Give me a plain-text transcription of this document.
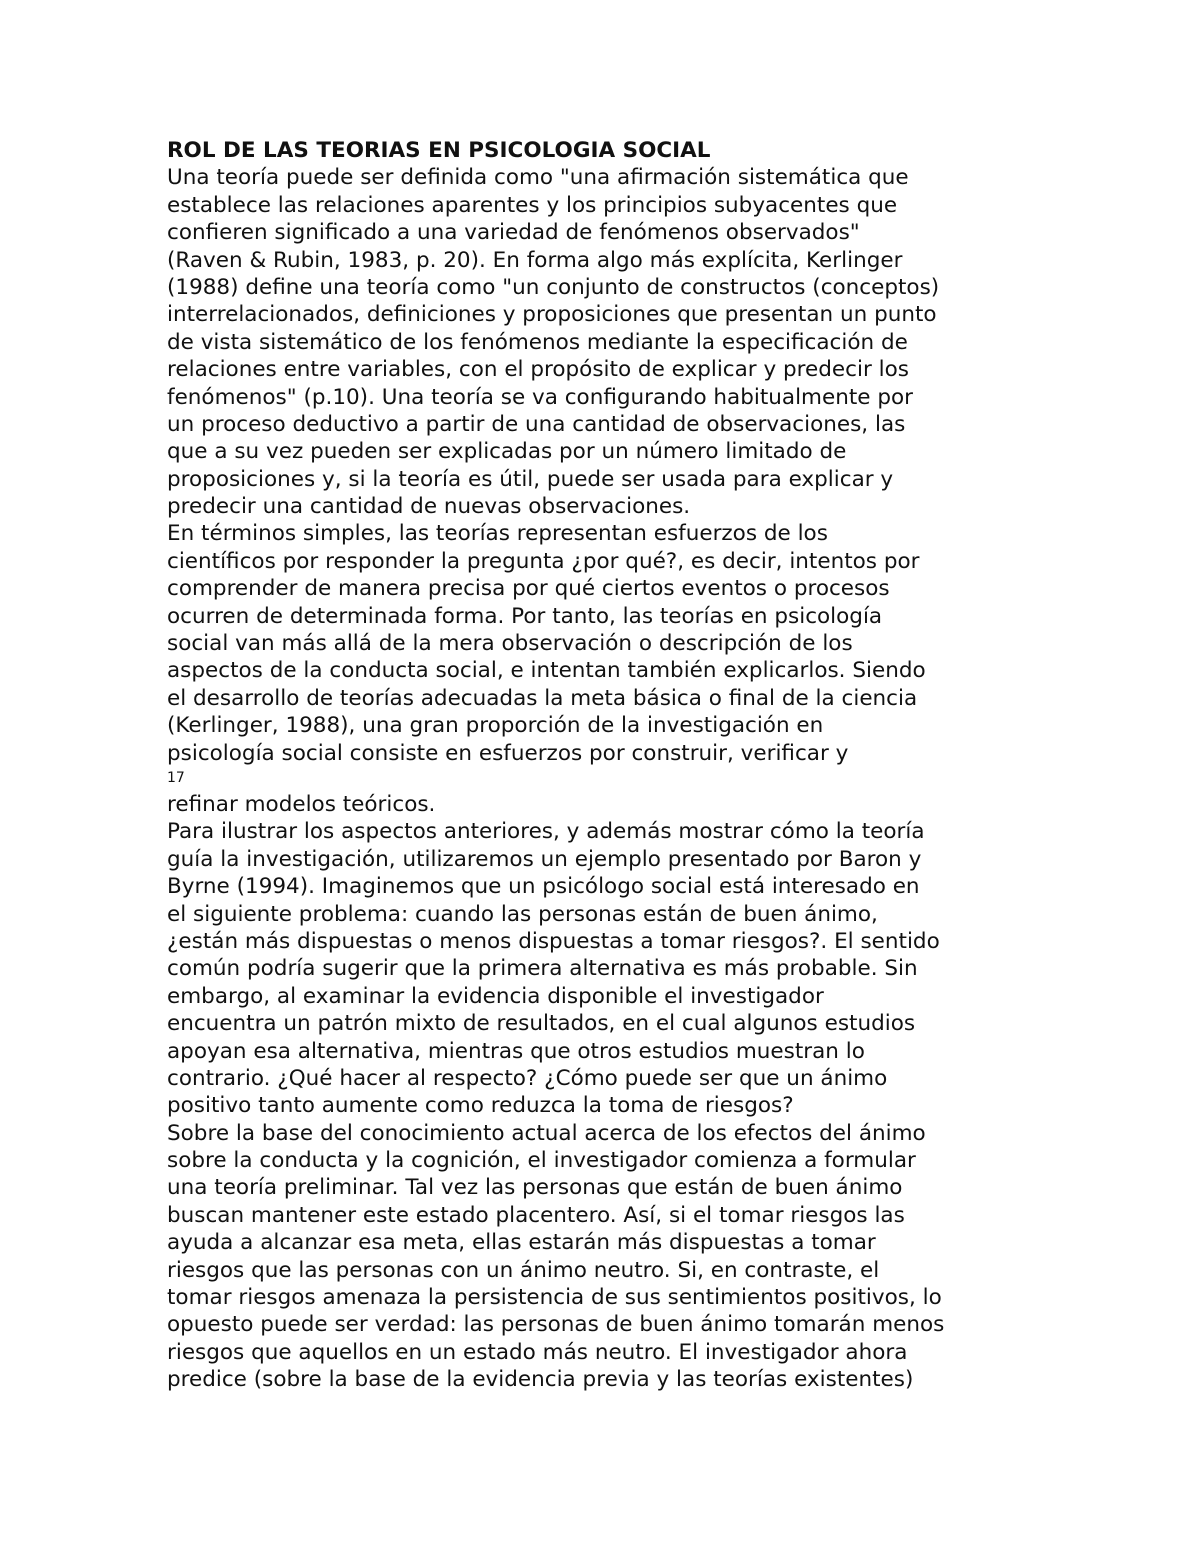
ROL DE LAS TEORIAS EN PSICOLOGIA SOCIAL
Una teoría puede ser definida como "una afirmación sistemática que
establece las relaciones aparentes y los principios subyacentes que
confieren significado a una variedad de fenómenos observados"
(Raven & Rubin, 1983, p. 20). En forma algo más explícita, Kerlinger
(1988) define una teoría como "un conjunto de constructos (conceptos)
interrelacionados, definiciones y proposiciones que presentan un punto
de vista sistemático de los fenómenos mediante la especificación de
relaciones entre variables, con el propósito de explicar y predecir los
fenómenos" (p.10). Una teoría se va configurando habitualmente por
un proceso deductivo a partir de una cantidad de observaciones, las
que a su vez pueden ser explicadas por un número limitado de
proposiciones y, si la teoría es útil, puede ser usada para explicar y
predecir una cantidad de nuevas observaciones.
En términos simples, las teorías representan esfuerzos de los
científicos por responder la pregunta ¿por qué?, es decir, intentos por
comprender de manera precisa por qué ciertos eventos o procesos
ocurren de determinada forma. Por tanto, las teorías en psicología
social van más allá de la mera observación o descripción de los
aspectos de la conducta social, e intentan también explicarlos. Siendo
el desarrollo de teorías adecuadas la meta básica o final de la ciencia
(Kerlinger, 1988), una gran proporción de la investigación en
psicología social consiste en esfuerzos por construir, verificar y
17
refinar modelos teóricos.
Para ilustrar los aspectos anteriores, y además mostrar cómo la teoría
guía la investigación, utilizaremos un ejemplo presentado por Baron y
Byrne (1994). Imaginemos que un psicólogo social está interesado en
el siguiente problema: cuando las personas están de buen ánimo,
¿están más dispuestas o menos dispuestas a tomar riesgos?. El sentido
común podría sugerir que la primera alternativa es más probable. Sin
embargo, al examinar la evidencia disponible el investigador
encuentra un patrón mixto de resultados, en el cual algunos estudios
apoyan esa alternativa, mientras que otros estudios muestran lo
contrario. ¿Qué hacer al respecto? ¿Cómo puede ser que un ánimo
positivo tanto aumente como reduzca la toma de riesgos?
Sobre la base del conocimiento actual acerca de los efectos del ánimo
sobre la conducta y la cognición, el investigador comienza a formular
una teoría preliminar. Tal vez las personas que están de buen ánimo
buscan mantener este estado placentero. Así, si el tomar riesgos las
ayuda a alcanzar esa meta, ellas estarán más dispuestas a tomar
riesgos que las personas con un ánimo neutro. Si, en contraste, el
tomar riesgos amenaza la persistencia de sus sentimientos positivos, lo
opuesto puede ser verdad: las personas de buen ánimo tomarán menos
riesgos que aquellos en un estado más neutro. El investigador ahora
predice (sobre la base de la evidencia previa y las teorías existentes)
